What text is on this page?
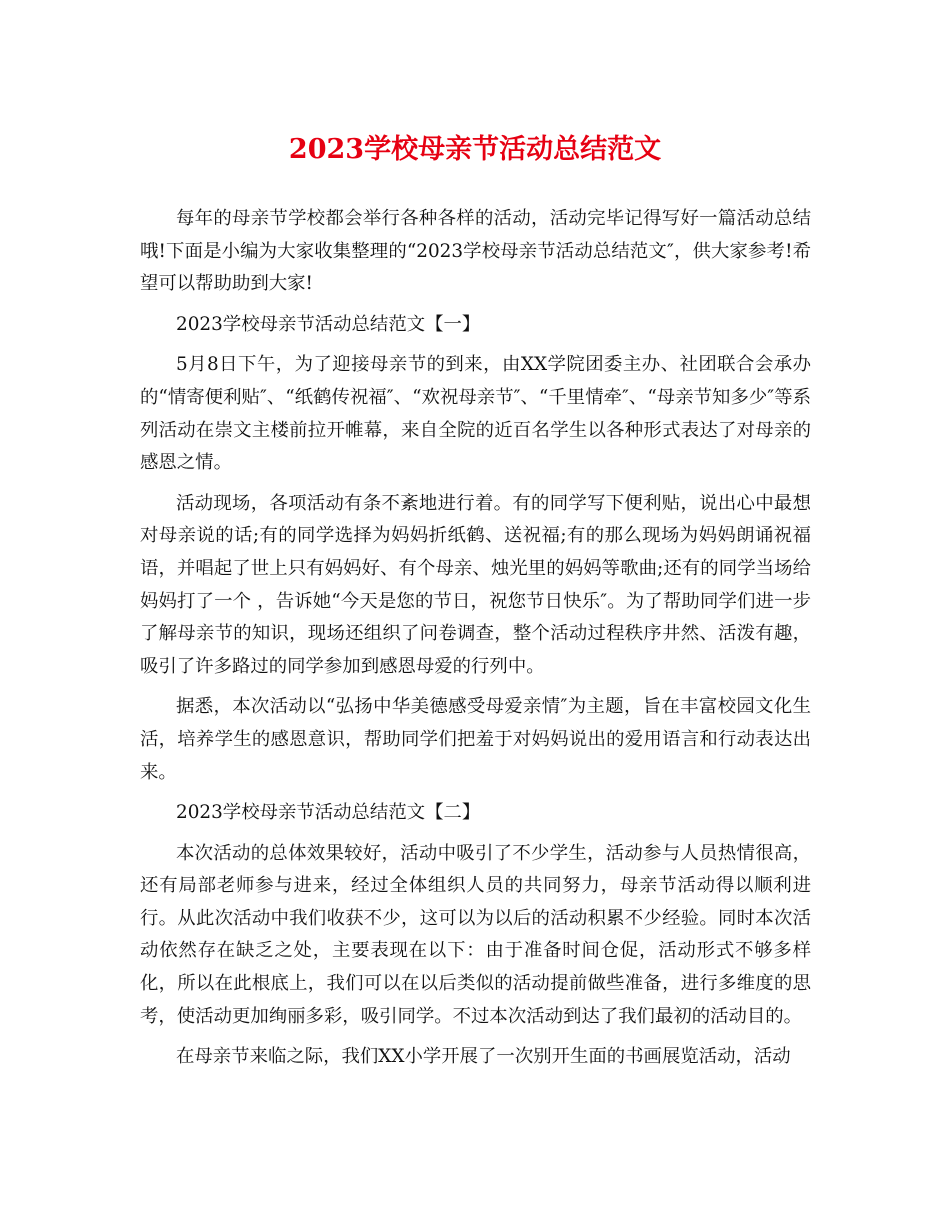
2023学校母亲节活动总结范文

每年的母亲节学校都会举行各种各样的活动，活动完毕记得写好一篇活动总结哦!下面是小编为大家收集整理的“2023学校母亲节活动总结范文″，供大家参考!希望可以帮助助到大家!

2023学校母亲节活动总结范文【一】

5月8日下午，为了迎接母亲节的到来，由XX学院团委主办、社团联合会承办的“情寄便利贴″、“纸鹤传祝福″、“欢祝母亲节″、“千里情牵″、“母亲节知多少″等系列活动在崇文主楼前拉开帷幕，来自全院的近百名学生以各种形式表达了对母亲的感恩之情。

活动现场，各项活动有条不紊地进行着。有的同学写下便利贴，说出心中最想对母亲说的话;有的同学选择为妈妈折纸鹤、送祝福;有的那么现场为妈妈朗诵祝福语，并唱起了世上只有妈妈好、有个母亲、烛光里的妈妈等歌曲;还有的同学当场给妈妈打了一个 ，告诉她“今天是您的节日，祝您节日快乐″。为了帮助同学们进一步了解母亲节的知识，现场还组织了问卷调查，整个活动过程秩序井然、活泼有趣，吸引了许多路过的同学参加到感恩母爱的行列中。

据悉，本次活动以“弘扬中华美德感受母爱亲情″为主题，旨在丰富校园文化生活，培养学生的感恩意识，帮助同学们把羞于对妈妈说出的爱用语言和行动表达出来。

2023学校母亲节活动总结范文【二】

本次活动的总体效果较好，活动中吸引了不少学生，活动参与人员热情很高，还有局部老师参与进来，经过全体组织人员的共同努力，母亲节活动得以顺利进行。从此次活动中我们收获不少，这可以为以后的活动积累不少经验。同时本次活动依然存在缺乏之处，主要表现在以下：由于准备时间仓促，活动形式不够多样化，所以在此根底上，我们可以在以后类似的活动提前做些准备，进行多维度的思考，使活动更加绚丽多彩，吸引同学。不过本次活动到达了我们最初的活动目的。

在母亲节来临之际，我们XX小学开展了一次别开生面的书画展览活动，活动
